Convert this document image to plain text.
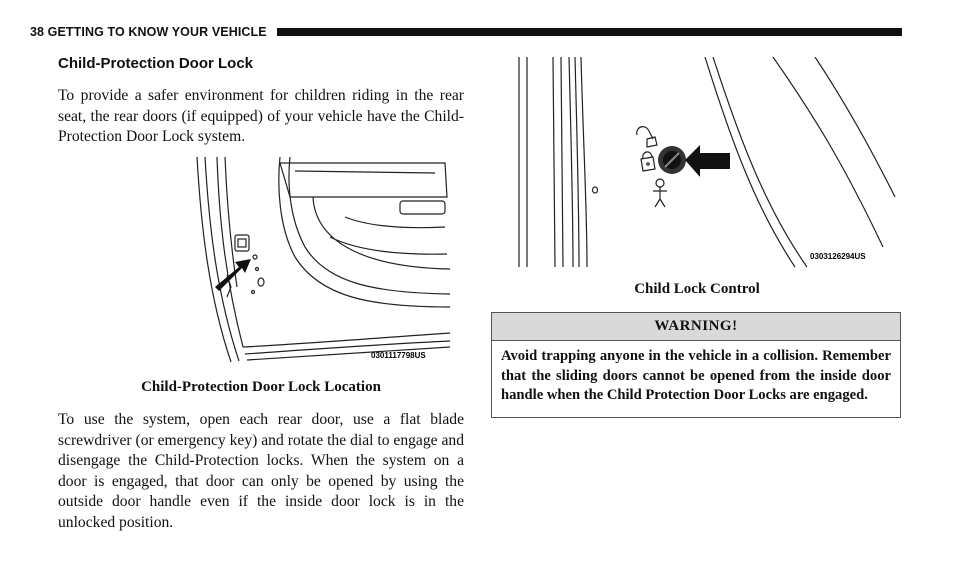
38 GETTING TO KNOW YOUR VEHICLE
Child-Protection Door Lock
To provide a safer environment for children riding in the rear seat, the rear doors (if equipped) of your vehicle have the Child-Protection Door Lock system.
0301117798US
Child-Protection Door Lock Location
To use the system, open each rear door, use a flat blade screwdriver (or emergency key) and rotate the dial to engage and disengage the Child-Protection locks. When the system on a door is engaged, that door can only be opened by using the outside door handle even if the inside door lock is in the unlocked position.
0303126294US
Child Lock Control
WARNING!
Avoid trapping anyone in the vehicle in a collision. Remember that the sliding doors cannot be opened from the inside door handle when the Child Protection Door Locks are engaged.
